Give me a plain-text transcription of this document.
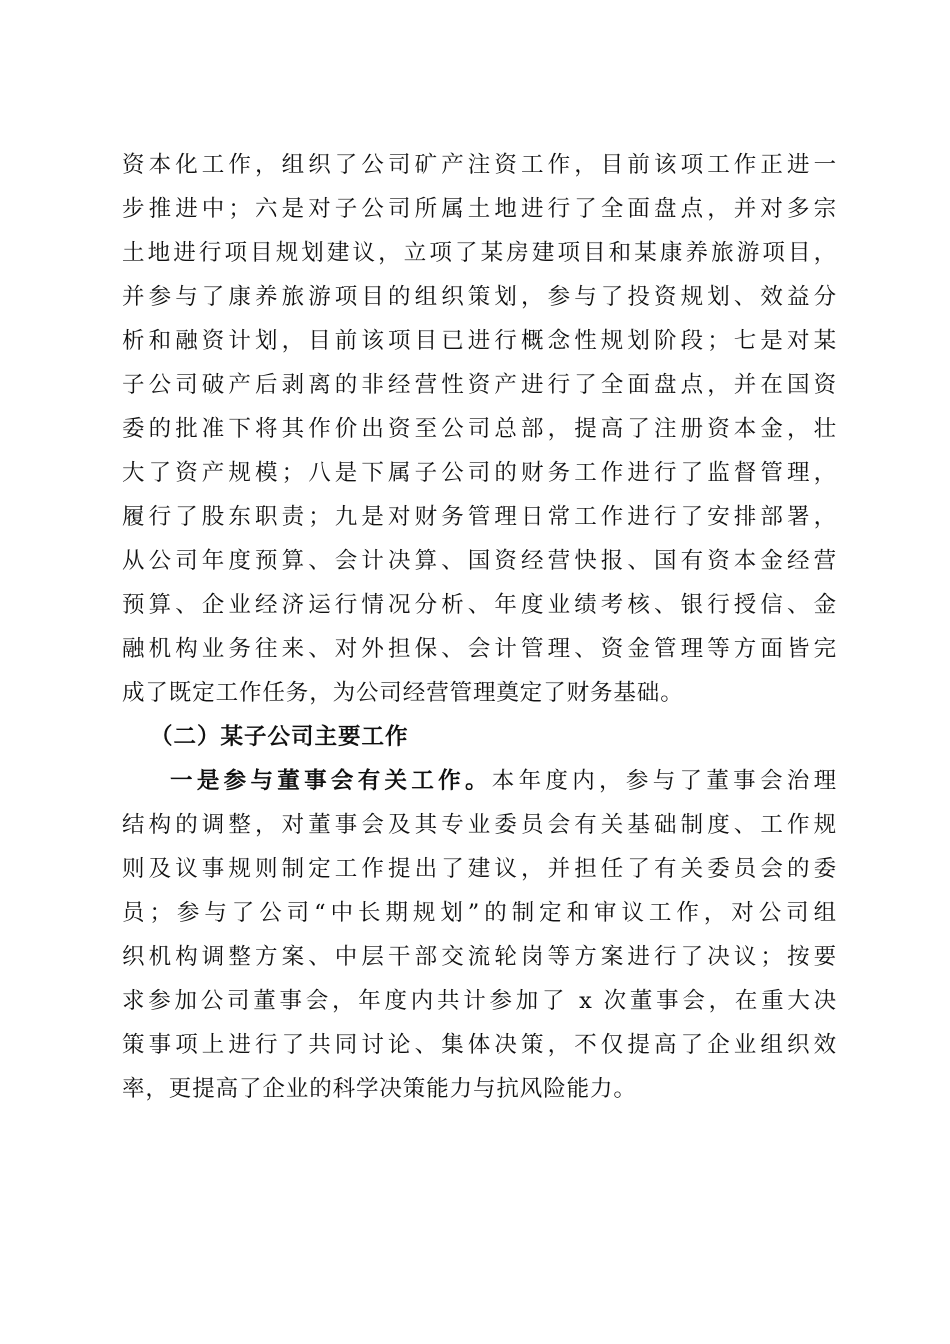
资本化工作，组织了公司矿产注资工作，目前该项工作正进一
步推进中；六是对子公司所属土地进行了全面盘点，并对多宗
土地进行项目规划建议，立项了某房建项目和某康养旅游项目，
并参与了康养旅游项目的组织策划，参与了投资规划、效益分
析和融资计划，目前该项目已进行概念性规划阶段；七是对某
子公司破产后剥离的非经营性资产进行了全面盘点，并在国资
委的批准下将其作价出资至公司总部，提高了注册资本金，壮
大了资产规模；八是下属子公司的财务工作进行了监督管理，
履行了股东职责；九是对财务管理日常工作进行了安排部署，
从公司年度预算、会计决算、国资经营快报、国有资本金经营
预算、企业经济运行情况分析、年度业绩考核、银行授信、金
融机构业务往来、对外担保、会计管理、资金管理等方面皆完
成了既定工作任务，为公司经营管理奠定了财务基础。
（二）某子公司主要工作
一是参与董事会有关工作。本年度内，参与了董事会治理
结构的调整，对董事会及其专业委员会有关基础制度、工作规
则及议事规则制定工作提出了建议，并担任了有关委员会的委
员；参与了公司“中长期规划”的制定和审议工作，对公司组
织机构调整方案、中层干部交流轮岗等方案进行了决议；按要
求参加公司董事会，年度内共计参加了 x 次董事会，在重大决
策事项上进行了共同讨论、集体决策，不仅提高了企业组织效
率，更提高了企业的科学决策能力与抗风险能力。
